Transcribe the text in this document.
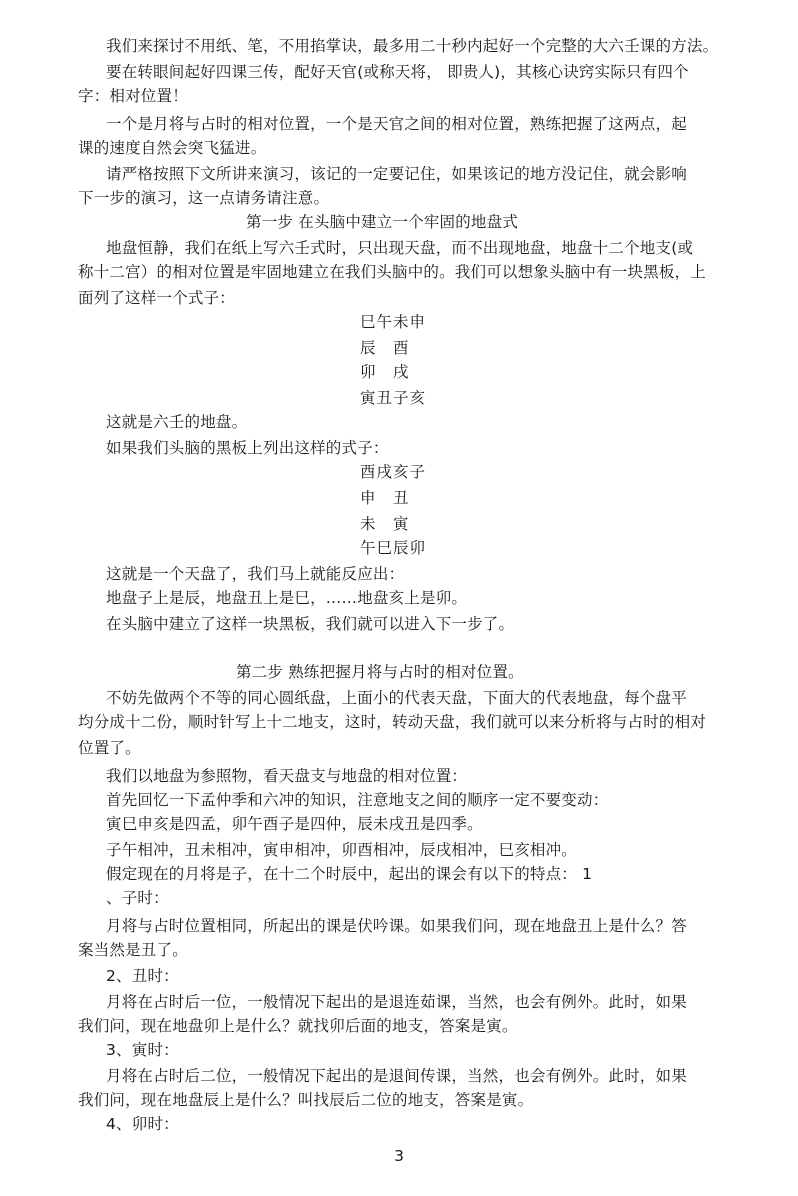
我们来探讨不用纸、笔，不用掐掌诀，最多用二十秒内起好一个完整的大六壬课的方法。
要在转眼间起好四课三传，配好天官(或称天将， 即贵人)，其核心诀窍实际只有四个
字：相对位置！
一个是月将与占时的相对位置，一个是天官之间的相对位置，熟练把握了这两点，起
课的速度自然会突飞猛进。
请严格按照下文所讲来演习，该记的一定要记住，如果该记的地方没记住，就会影响
下一步的演习，这一点请务请注意。
第一步 在头脑中建立一个牢固的地盘式
地盘恒静，我们在纸上写六壬式时，只出现天盘，而不出现地盘，地盘十二个地支(或
称十二宫）的相对位置是牢固地建立在我们头脑中的。我们可以想象头脑中有一块黑板，上
面列了这样一个式子：
巳午未申
辰　酉
卯　戌
寅丑子亥
这就是六壬的地盘。
如果我们头脑的黑板上列出这样的式子：
酉戌亥子
申　丑
未　寅
午巳辰卯
这就是一个天盘了，我们马上就能反应出：
地盘子上是辰，地盘丑上是巳，……地盘亥上是卯。
在头脑中建立了这样一块黑板，我们就可以进入下一步了。
第二步 熟练把握月将与占时的相对位置。
不妨先做两个不等的同心圆纸盘，上面小的代表天盘，下面大的代表地盘，每个盘平
均分成十二份，顺时针写上十二地支，这时，转动天盘，我们就可以来分析将与占时的相对
位置了。
我们以地盘为参照物，看天盘支与地盘的相对位置：
首先回忆一下孟仲季和六冲的知识，注意地支之间的顺序一定不要变动：
寅巳申亥是四孟，卯午酉子是四仲，辰未戌丑是四季。
子午相冲，丑未相冲，寅申相冲，卯酉相冲，辰戌相冲，巳亥相冲。
假定现在的月将是子，在十二个时辰中，起出的课会有以下的特点： 1
、子时：
月将与占时位置相同，所起出的课是伏吟课。如果我们问，现在地盘丑上是什么？答
案当然是丑了。
2、丑时：
月将在占时后一位，一般情况下起出的是退连茹课，当然，也会有例外。此时，如果
我们问，现在地盘卯上是什么？就找卯后面的地支，答案是寅。
3、寅时：
月将在占时后二位，一般情况下起出的是退间传课，当然，也会有例外。此时，如果
我们问，现在地盘辰上是什么？叫找辰后二位的地支，答案是寅。
4、卯时：
3
